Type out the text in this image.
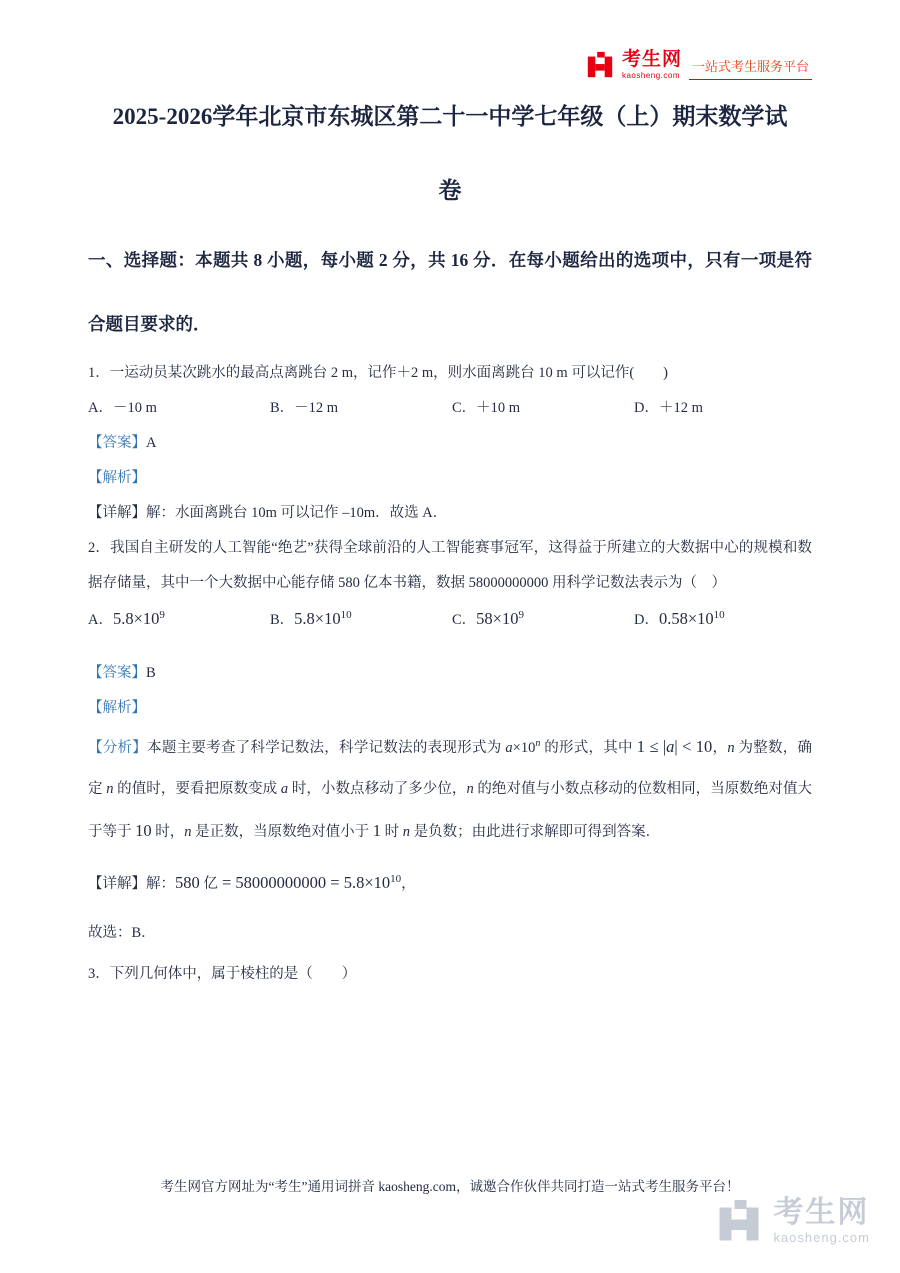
考生网
kaosheng.com
一站式考生服务平台
2025-2026学年北京市东城区第二十一中学七年级（上）期末数学试
卷
一、选择题：本题共 8 小题，每小题 2 分，共 16 分．在每小题给出的选项中，只有一项是符合题目要求的．

1．一运动员某次跳水的最高点离跳台 2 m，记作＋2 m，则水面离跳台 10 m 可以记作(　　)

A．－10 m	B．－12 m	C．＋10 m	D．＋12 m

【答案】A

【解析】

【详解】解：水面离跳台 10m 可以记作 –10m．故选 A．

2．我国自主研发的人工智能“绝艺”获得全球前沿的人工智能赛事冠军，这得益于所建立的大数据中心的规模和数据存储量，其中一个大数据中心能存储 580 亿本书籍，数据 58000000000 用科学记数法表示为（　）

A．$5.8\times 10^9$	B．$5.8\times 10^{10}$	C．$58\times 10^9$	D．$0.58\times 10^{10}$

【答案】B

【解析】

【分析】本题主要考查了科学记数法，科学记数法的表现形式为 $a\times 10^n$ 的形式，其中 1 ≤ |a| < 10，n 为整数，确定 n 的值时，要看把原数变成 a 时，小数点移动了多少位，n 的绝对值与小数点移动的位数相同，当原数绝对值大于等于 10 时，n 是正数，当原数绝对值小于 1 时 n 是负数；由此进行求解即可得到答案．

【详解】解：580 亿 = $58000000000 = 5.8\times 10^{10}$，

故选：B．

3．下列几何体中，属于棱柱的是（　　）

考生网官方网址为“考生”通用词拼音 kaosheng.com，诚邀合作伙伴共同打造一站式考生服务平台！
考生网
kaosheng.com
